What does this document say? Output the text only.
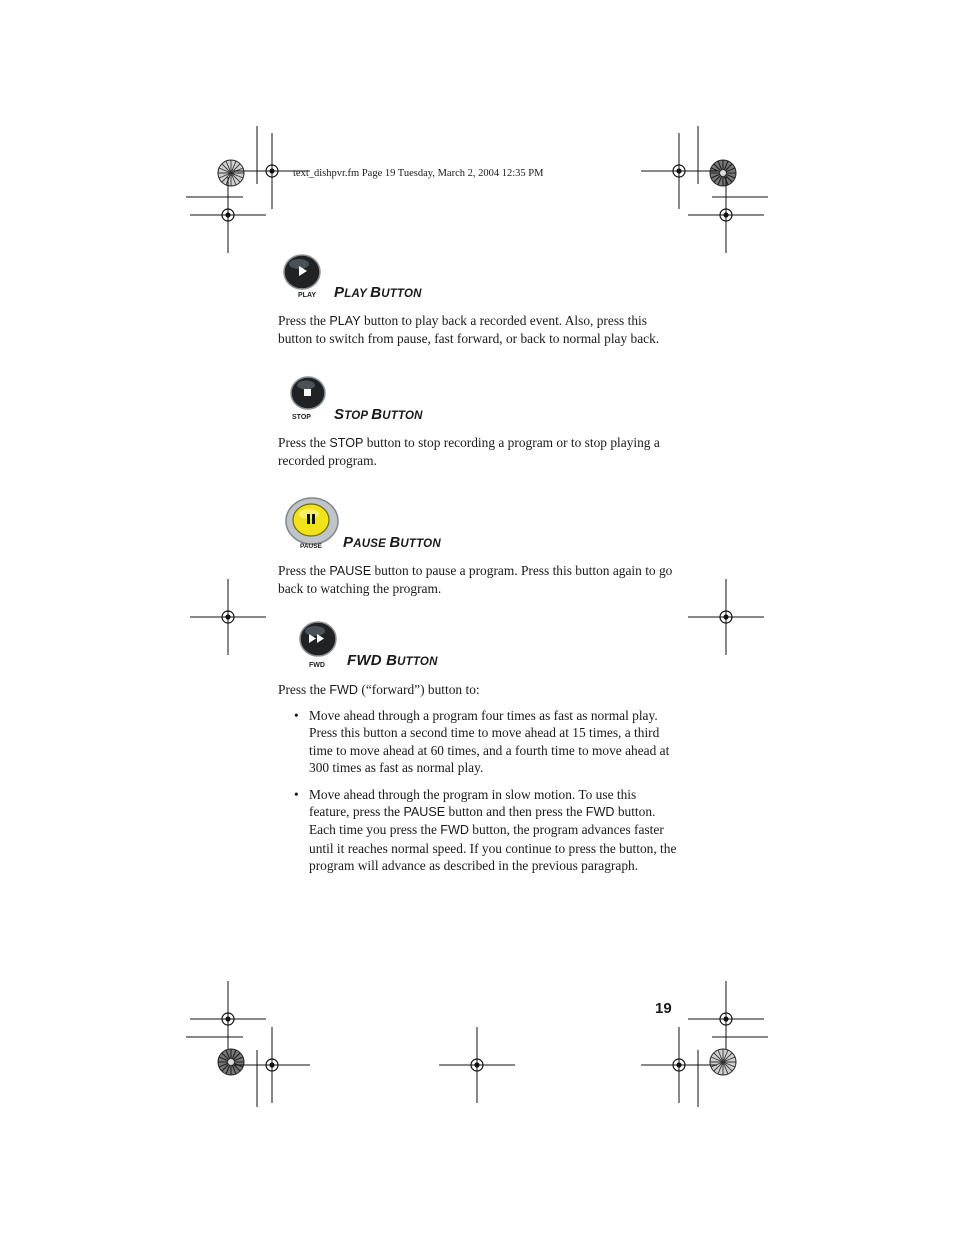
text_dishpvr.fm Page 19 Tuesday, March 2, 2004 12:35 PM
PLAY PLAY BUTTON
Press the PLAY button to play back a recorded event. Also, press this button to switch from pause, fast forward, or back to normal play back.
STOP STOP BUTTON
Press the STOP button to stop recording a program or to stop playing a recorded program.
PAUSE PAUSE BUTTON
Press the PAUSE button to pause a program. Press this button again to go back to watching the program.
FWD FWD BUTTON
Press the FWD (“forward”) button to:
• Move ahead through a program four times as fast as normal play. Press this button a second time to move ahead at 15 times, a third time to move ahead at 60 times, and a fourth time to move ahead at 300 times as fast as normal play.
• Move ahead through the program in slow motion. To use this feature, press the PAUSE button and then press the FWD button. Each time you press the FWD button, the program advances faster until it reaches normal speed. If you continue to press the button, the program will advance as described in the previous paragraph.
19
